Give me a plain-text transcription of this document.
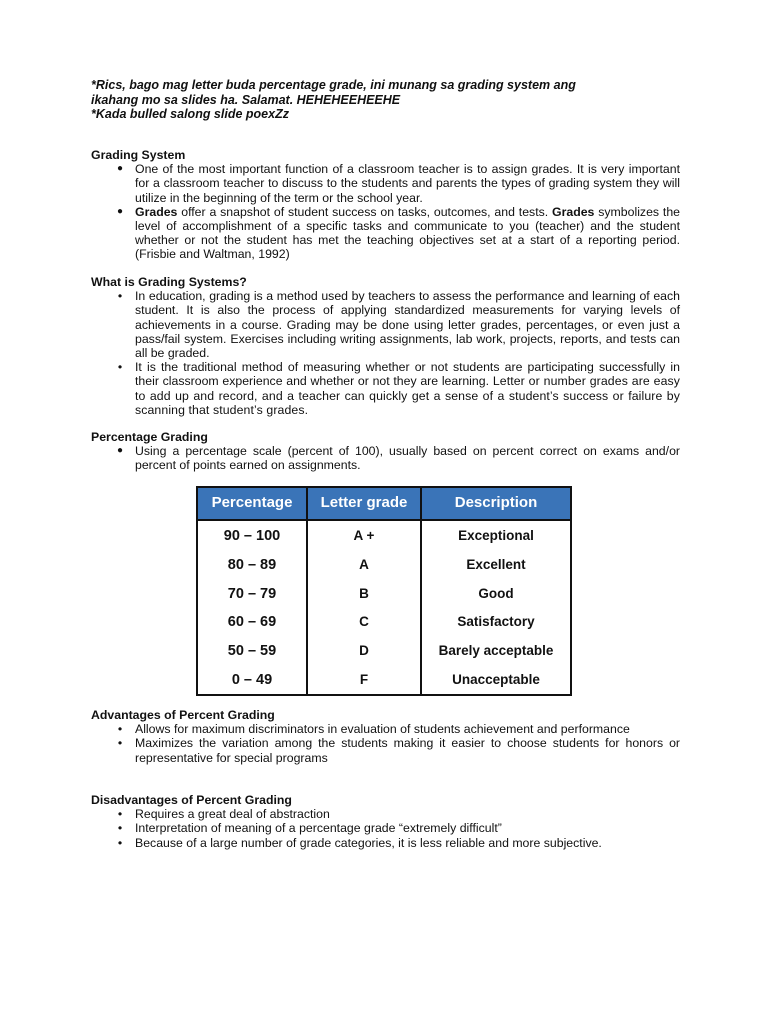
*Rics, bago mag letter buda percentage grade, ini munang sa grading system ang

ikahang mo sa slides ha. Salamat. HEHEHEEHEEHE

*Kada bulled salong slide poexZz

Grading System

● One of the most important function of a classroom teacher is to assign grades. It is very important for a classroom teacher to discuss to the students and parents the types of grading system they will utilize in the beginning of the term or the school year.
● Grades offer a snapshot of student success on tasks, outcomes, and tests. Grades symbolizes the level of accomplishment of a specific tasks and communicate to you (teacher) and the student whether or not the student has met the teaching objectives set at a start of a reporting period. (Frisbie and Waltman, 1992)

What is Grading Systems?

• In education, grading is a method used by teachers to assess the performance and learning of each student. It is also the process of applying standardized measurements for varying levels of achievements in a course. Grading may be done using letter grades, percentages, or even just a pass/fail system. Exercises including writing assignments, lab work, projects, reports, and tests can all be graded.
• It is the traditional method of measuring whether or not students are participating successfully in their classroom experience and whether or not they are learning. Letter or number grades are easy to add up and record, and a teacher can quickly get a sense of a student’s success or failure by scanning that student’s grades.

Percentage Grading

● Using a percentage scale (percent of 100), usually based on percent correct on exams and/or percent of points earned on assignments.
Percentage	Letter grade	Description
90 – 100	A +	Exceptional
80 – 89	A	Excellent
70 – 79	B	Good
60 – 69	C	Satisfactory
50 – 59	D	Barely acceptable
0 – 49	F	Unacceptable

Advantages of Percent Grading

• Allows for maximum discriminators in evaluation of students achievement and performance
• Maximizes the variation among the students making it easier to choose students for honors or representative for special programs

Disadvantages of Percent Grading

• Requires a great deal of abstraction
• Interpretation of meaning of a percentage grade “extremely difficult”
• Because of a large number of grade categories, it is less reliable and more subjective.
